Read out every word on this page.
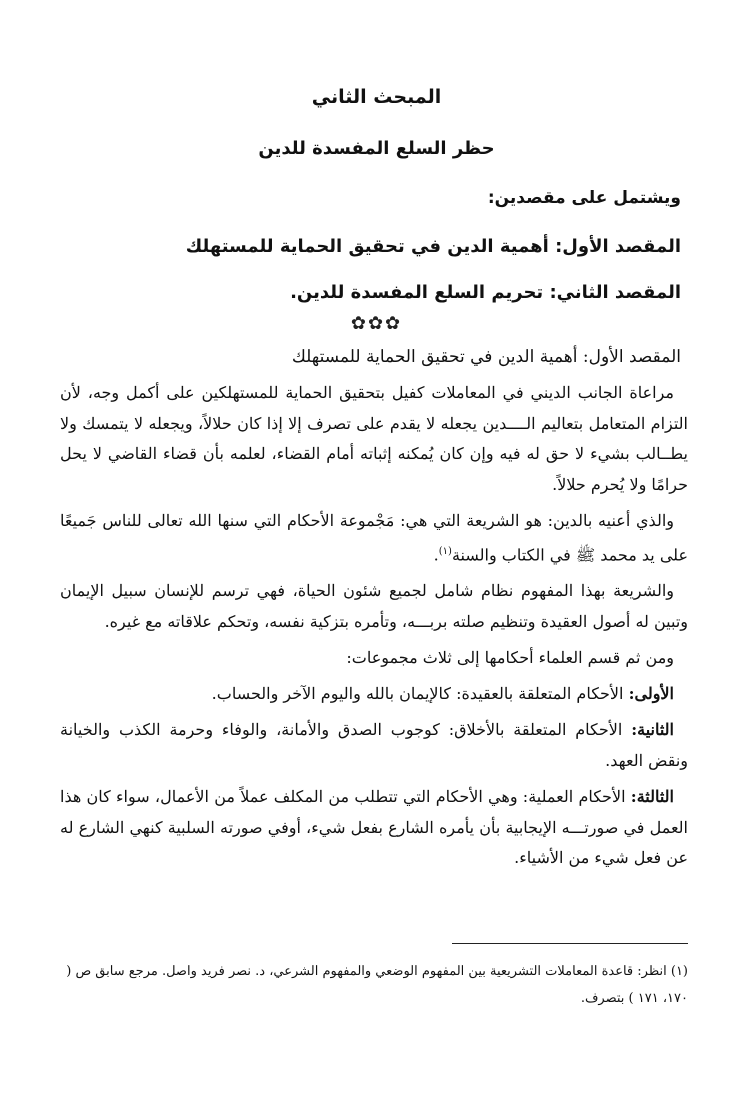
المبحث الثاني
حظر السلع المفسدة للدين
ويشتمل على مقصدين:
المقصد الأول: أهمية الدين في تحقيق الحماية للمستهلك
المقصد الثاني: تحريم السلع المفسدة للدين.
✿✿✿
المقصد الأول: أهمية الدين في تحقيق الحماية للمستهلك

مراعاة الجانب الديني في المعاملات كفيل بتحقيق الحماية للمستهلكين على أكمل وجه، لأن التزام المتعامل بتعاليم الــــدين يجعله لا يقدم على تصرف إلا إذا كان حلالاً، ويجعله لا يتمسك ولا يطــالب بشيء لا حق له فيه وإن كان يُمكنه إثباته أمام القضاء، لعلمه بأن قضاء القاضي لا يحل حرامًا ولا يُحرم حلالاً.

والذي أعنيه بالدين: هو الشريعة التي هي: مَجْموعة الأحكام التي سنها الله تعالى للناس جَميعًا على يد محمد ﷺ في الكتاب والسنة$^{(١)}$.

والشريعة بهذا المفهوم نظام شامل لجميع شئون الحياة، فهي ترسم للإنسان سبيل الإيمان وتبين له أصول العقيدة وتنظيم صلته بربـــه، وتأمره بتزكية نفسه، وتحكم علاقاته مع غيره.

ومن ثم قسم العلماء أحكامها إلى ثلاث مجموعات:

الأولى: الأحكام المتعلقة بالعقيدة: كالإيمان بالله واليوم الآخر والحساب.

الثانية: الأحكام المتعلقة بالأخلاق: كوجوب الصدق والأمانة، والوفاء وحرمة الكذب والخيانة ونقض العهد.

الثالثة: الأحكام العملية: وهي الأحكام التي تتطلب من المكلف عملاً من الأعمال، سواء كان هذا العمل في صورتـــه الإيجابية بأن يأمره الشارع بفعل شيء، أوفي صورته السلبية كنهي الشارع له عن فعل شيء من الأشياء.

(١) انظر: قاعدة المعاملات التشريعية بين المفهوم الوضعي والمفهوم الشرعي، د. نصر فريد واصل. مرجع سابق ص ( ١٧٠، ١٧١ ) بتصرف.
